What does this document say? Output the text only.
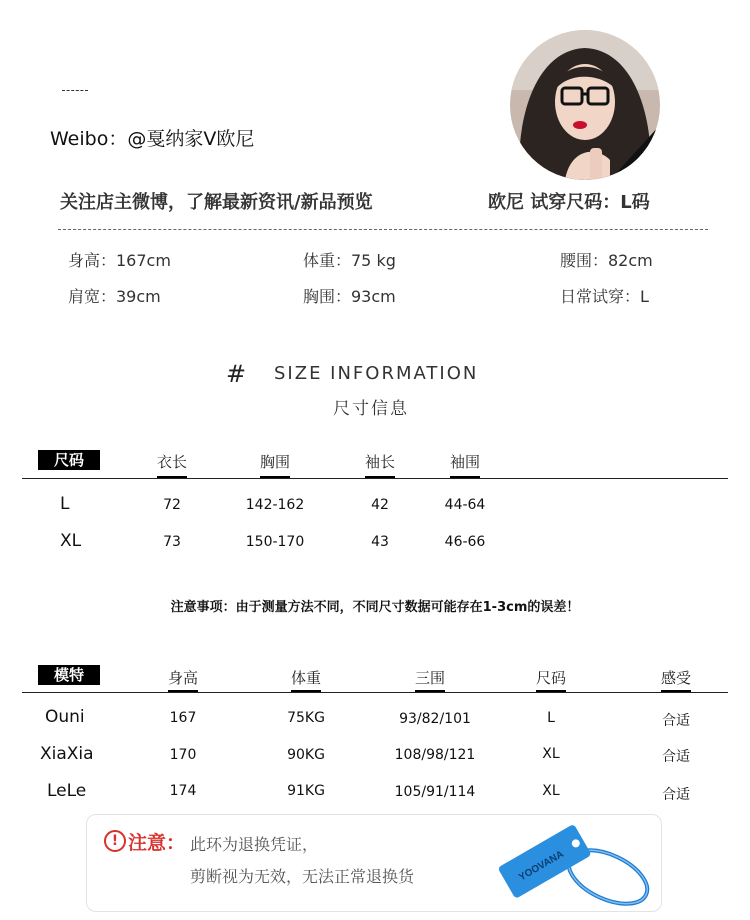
Weibo：@戛纳家V欧尼
关注店主微博，了解最新资讯/新品预览	欧尼 试穿尺码：L码
身高：167cm	体重：75 kg	腰围：82cm
肩宽：39cm	胸围：93cm	日常试穿：L
# SIZE INFORMATION
尺寸信息
尺码	衣长	胸围	袖长	袖围
L	72	142-162	42	44-64
XL	73	150-170	43	46-66
注意事项：由于测量方法不同，不同尺寸数据可能存在1-3cm的误差！
模特	身高	体重	三围	尺码	感受
Ouni	167	75KG	93/82/101	L	合适
XiaXia	170	90KG	108/98/121	XL	合适
LeLe	174	91KG	105/91/114	XL	合适
! 注意： 此环为退换凭证，
剪断视为无效，无法正常退换货	YOOVANA
